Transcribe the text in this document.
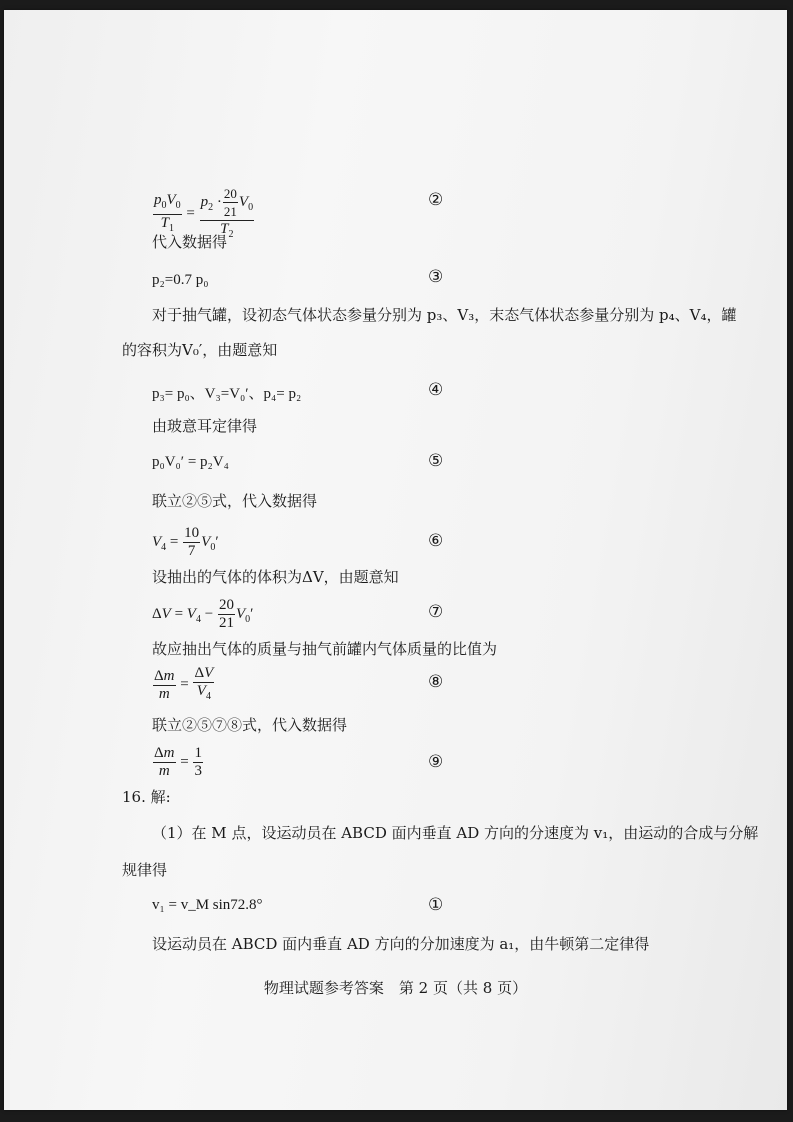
$\frac{p_0V_0}{T_1} = \frac{p_2 \cdot \frac{20}{21} V_0}{T_2}$	②
代入数据得
p₂=0.7 p₀	③
对于抽气罐，设初态气体状态参量分别为 p₃、V₃，末态气体状态参量分别为 p₄、V₄，罐
的容积为V₀′，由题意知
p₃= p₀、V₃=V₀′、p₄= p₂	④
由玻意耳定律得
p₀V₀′ = p₂V₄	⑤
联立②⑤式，代入数据得
$V_4 = \frac{10}{7} V_0'$	⑥
设抽出的气体的体积为ΔV，由题意知
$\Delta V = V_4 - \frac{20}{21} V_0'$	⑦
故应抽出气体的质量与抽气前罐内气体质量的比值为
$\frac{\Delta m}{m} = \frac{\Delta V}{V_4}$	⑧
联立②⑤⑦⑧式，代入数据得
$\frac{\Delta m}{m} = \frac{1}{3}$	⑨
16. 解:
（1）在 M 点，设运动员在 ABCD 面内垂直 AD 方向的分速度为 v₁，由运动的合成与分解
规律得
v₁ = v_M sin72.8°	①
设运动员在 ABCD 面内垂直 AD 方向的分加速度为 a₁，由牛顿第二定律得
物理试题参考答案　第 2 页（共 8 页）
